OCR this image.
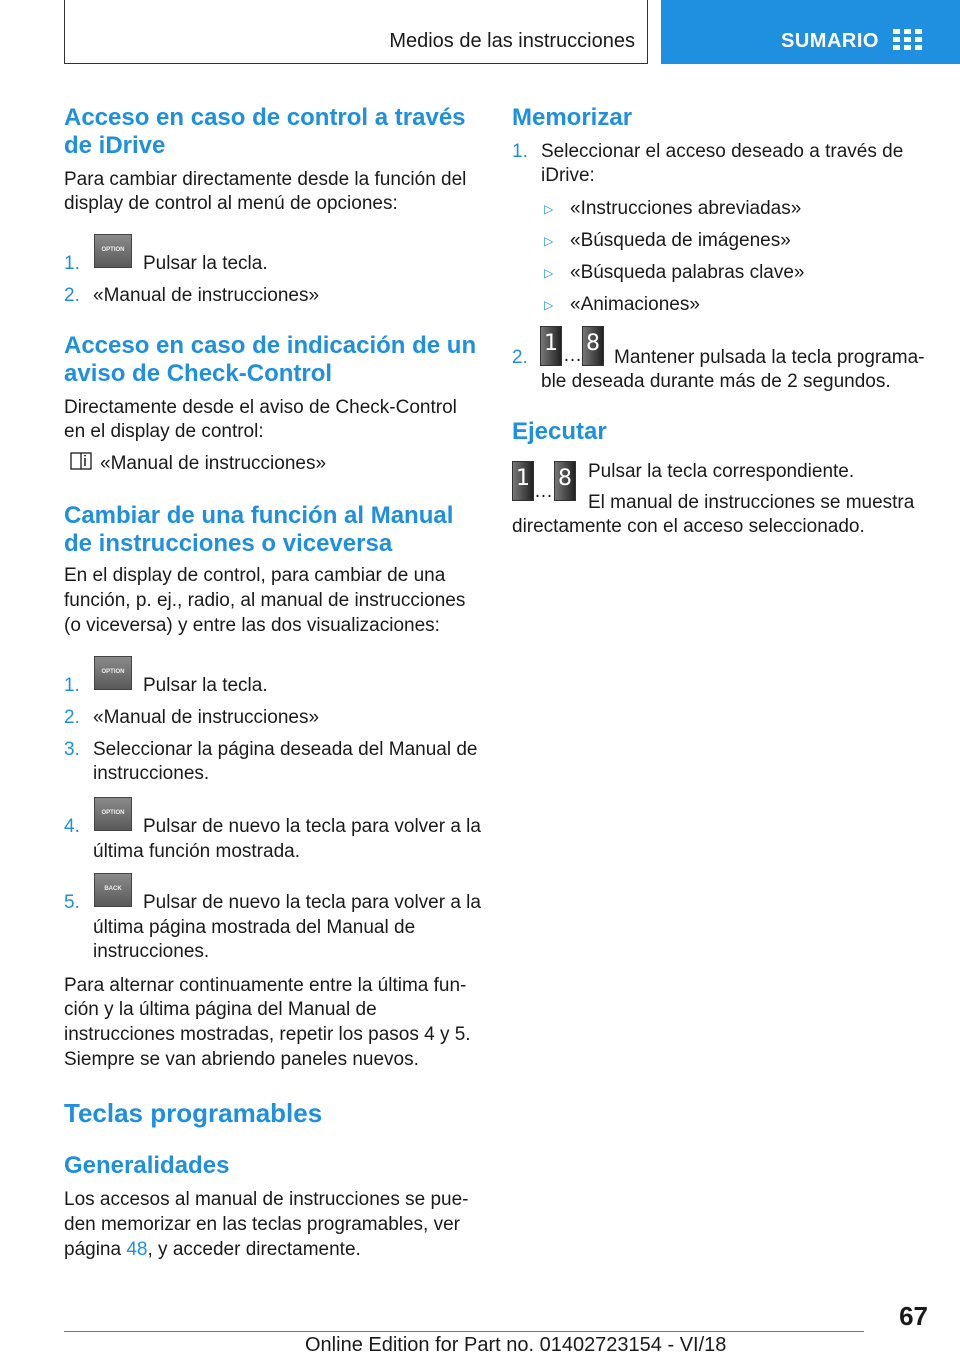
Medios de las instrucciones	SUMARIO
Acceso en caso de control a través
de iDrive

Para cambiar directamente desde la función del

display de control al menú de opciones:

1.
OPTION
Pulsar la tecla.
2. «Manual de instrucciones»
Acceso en caso de indicación de un
aviso de Check-Control

Directamente desde el aviso de Check-Control

en el display de control:

«Manual de instrucciones»
Cambiar de una función al Manual
de instrucciones o viceversa

En el display de control, para cambiar de una

función, p. ej., radio, al manual de instrucciones

(o viceversa) y entre las dos visualizaciones:

1.
OPTION
Pulsar la tecla.
2. «Manual de instrucciones»
3. Seleccionar la página deseada del Manual de
instrucciones.
4.
OPTION
Pulsar de nuevo la tecla para volver a la
última función mostrada.
5.
BACK
Pulsar de nuevo la tecla para volver a la
última página mostrada del Manual de
instrucciones.

Para alternar continuamente entre la última fun‐

ción y la última página del Manual de

instrucciones mostradas, repetir los pasos 4 y 5.

Siempre se van abriendo paneles nuevos.

Teclas programables
Generalidades

Los accesos al manual de instrucciones se pue‐

den memorizar en las teclas programables, ver

página 48, y acceder directamente.

Memorizar
1. Seleccionar el acceso deseado a través de
iDrive:
▷ «Instrucciones abreviadas»
▷ «Búsqueda de imágenes»
▷ «Búsqueda palabras clave»
▷ «Animaciones»
2.
1 … 8
Mantener pulsada la tecla programa‐
ble deseada durante más de 2 segundos.
Ejecutar
1
…
8 Pulsar la tecla correspondiente.
El manual de instrucciones se muestra
directamente con el acceso seleccionado.
67
Online Edition for Part no. 01402723154 - VI/18
